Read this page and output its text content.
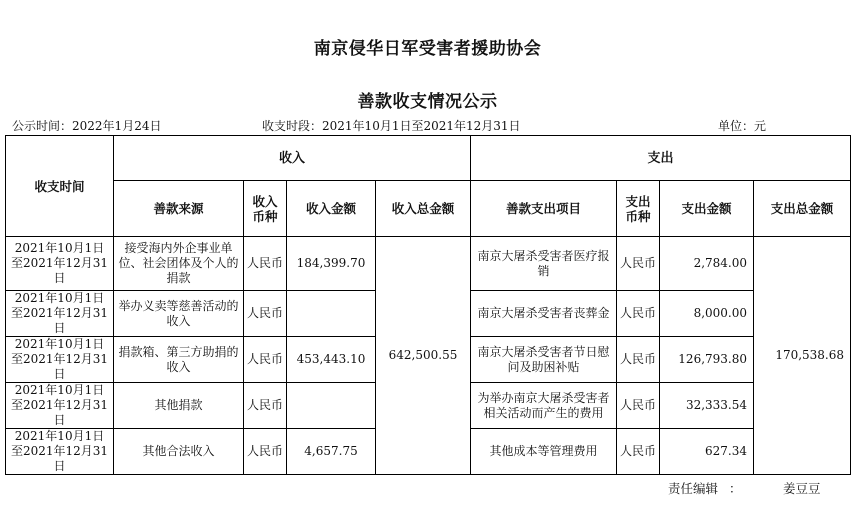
南京侵华日军受害者援助协会
善款收支情况公示
公示时间：2022年1月24日	收支时段：2021年10月1日至2021年12月31日	单位：元
收支时间	收入				支出			
	善款来源	收入币种	收入金额	收入总金额	善款支出项目	支出币种	支出金额	支出总金额
2021年10月1日至2021年12月31日	接受海内外企事业单位、社会团体及个人的捐款	人民币	184,399.70	642,500.55	南京大屠杀受害者医疗报销	人民币	2,784.00	170,538.68
2021年10月1日至2021年12月31日	举办义卖等慈善活动的收入	人民币			南京大屠杀受害者丧葬金	人民币	8,000.00	
2021年10月1日至2021年12月31日	捐款箱、第三方助捐的收入	人民币	453,443.10		南京大屠杀受害者节日慰问及助困补贴	人民币	126,793.80	
2021年10月1日至2021年12月31日	其他捐款	人民币			为举办南京大屠杀受害者相关活动而产生的费用	人民币	32,333.54	
2021年10月1日至2021年12月31日	其他合法收入	人民币	4,657.75		其他成本等管理费用	人民币	627.34	
责任编辑 ：	姜豆豆
